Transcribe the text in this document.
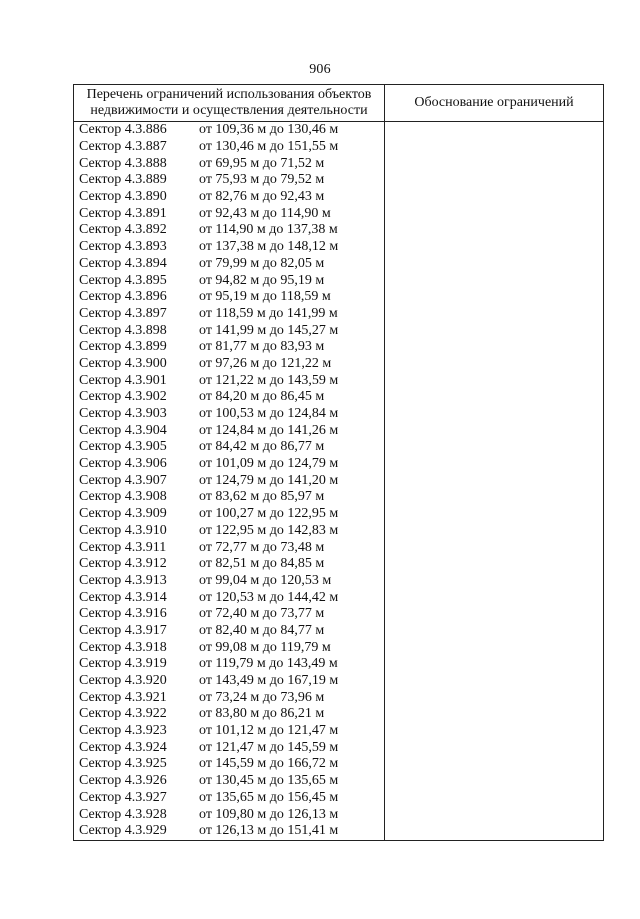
906
Перечень ограничений использования объектов недвижимости и осуществления деятельности	Обоснование ограничений
Сектор 4.3.886 от 109,36 м до 130,46 м	
Сектор 4.3.887 от 130,46 м до 151,55 м	
Сектор 4.3.888 от 69,95 м до 71,52 м	
Сектор 4.3.889 от 75,93 м до 79,52 м	
Сектор 4.3.890 от 82,76 м до 92,43 м	
Сектор 4.3.891 от 92,43 м до 114,90 м	
Сектор 4.3.892 от 114,90 м до 137,38 м	
Сектор 4.3.893 от 137,38 м до 148,12 м	
Сектор 4.3.894 от 79,99 м до 82,05 м	
Сектор 4.3.895 от 94,82 м до 95,19 м	
Сектор 4.3.896 от 95,19 м до 118,59 м	
Сектор 4.3.897 от 118,59 м до 141,99 м	
Сектор 4.3.898 от 141,99 м до 145,27 м	
Сектор 4.3.899 от 81,77 м до 83,93 м	
Сектор 4.3.900 от 97,26 м до 121,22 м	
Сектор 4.3.901 от 121,22 м до 143,59 м	
Сектор 4.3.902 от 84,20 м до 86,45 м	
Сектор 4.3.903 от 100,53 м до 124,84 м	
Сектор 4.3.904 от 124,84 м до 141,26 м	
Сектор 4.3.905 от 84,42 м до 86,77 м	
Сектор 4.3.906 от 101,09 м до 124,79 м	
Сектор 4.3.907 от 124,79 м до 141,20 м	
Сектор 4.3.908 от 83,62 м до 85,97 м	
Сектор 4.3.909 от 100,27 м до 122,95 м	
Сектор 4.3.910 от 122,95 м до 142,83 м	
Сектор 4.3.911 от 72,77 м до 73,48 м	
Сектор 4.3.912 от 82,51 м до 84,85 м	
Сектор 4.3.913 от 99,04 м до 120,53 м	
Сектор 4.3.914 от 120,53 м до 144,42 м	
Сектор 4.3.916 от 72,40 м до 73,77 м	
Сектор 4.3.917 от 82,40 м до 84,77 м	
Сектор 4.3.918 от 99,08 м до 119,79 м	
Сектор 4.3.919 от 119,79 м до 143,49 м	
Сектор 4.3.920 от 143,49 м до 167,19 м	
Сектор 4.3.921 от 73,24 м до 73,96 м	
Сектор 4.3.922 от 83,80 м до 86,21 м	
Сектор 4.3.923 от 101,12 м до 121,47 м	
Сектор 4.3.924 от 121,47 м до 145,59 м	
Сектор 4.3.925 от 145,59 м до 166,72 м	
Сектор 4.3.926 от 130,45 м до 135,65 м	
Сектор 4.3.927 от 135,65 м до 156,45 м	
Сектор 4.3.928 от 109,80 м до 126,13 м	
Сектор 4.3.929 от 126,13 м до 151,41 м	
